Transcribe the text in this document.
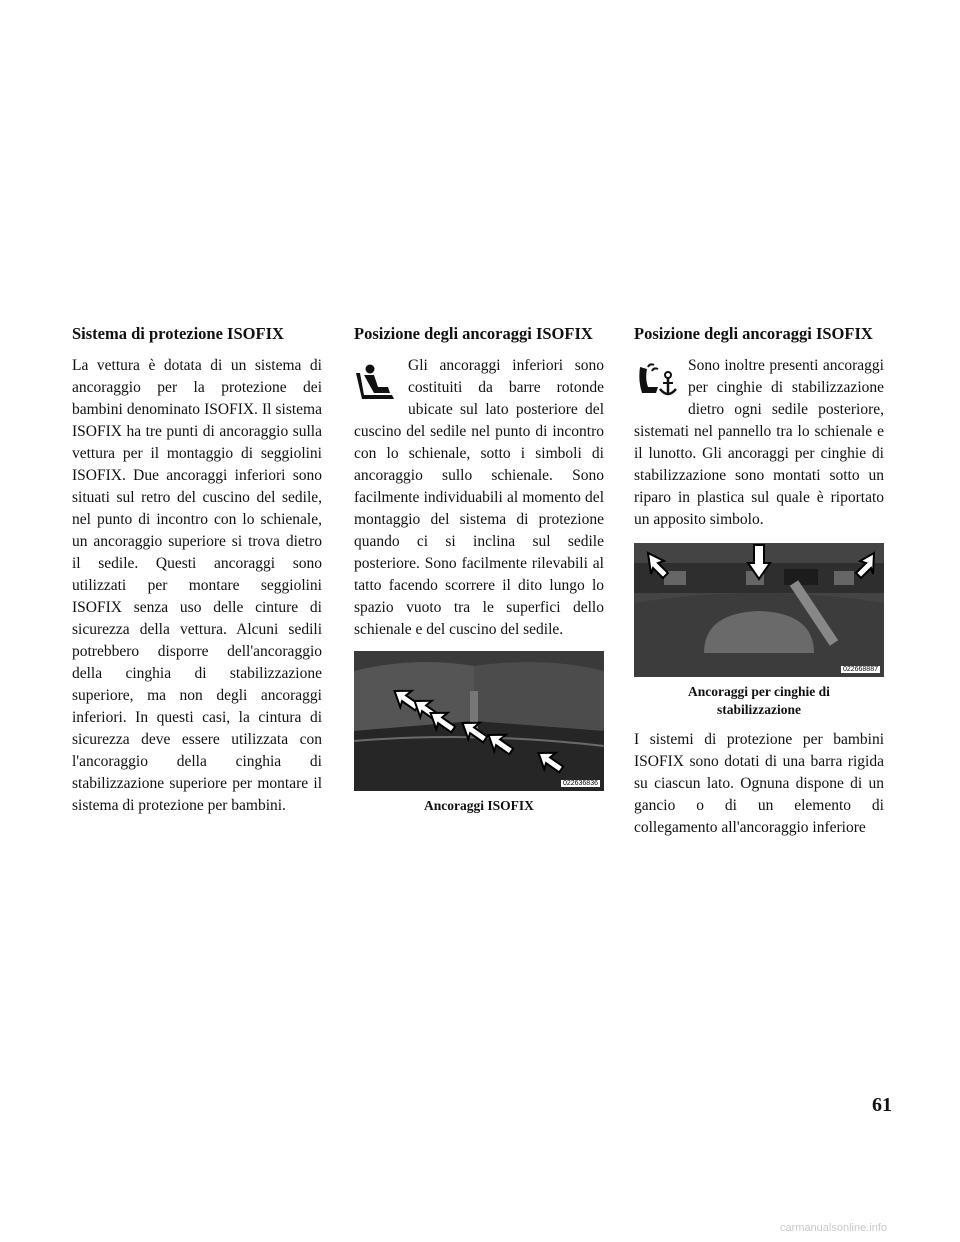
Sistema di protezione ISOFIX

La vettura è dotata di un sistema di ancoraggio per la protezione dei bambini denominato ISOFIX. Il sistema ISOFIX ha tre punti di ancoraggio sulla vettura per il montaggio di seggiolini ISOFIX. Due ancoraggi inferiori sono situati sul retro del cuscino del sedile, nel punto di incontro con lo schienale, un ancoraggio superiore si trova dietro il sedile. Questi ancoraggi sono utilizzati per montare seggiolini ISOFIX senza uso delle cinture di sicurezza della vettura. Alcuni sedili potrebbero disporre dell'ancoraggio della cinghia di stabilizzazione superiore, ma non degli ancoraggi inferiori. In questi casi, la cintura di sicurezza deve essere utilizzata con l'ancoraggio della cinghia di stabilizzazione superiore per montare il sistema di protezione per bambini.

Posizione degli ancoraggi ISOFIX

Gli ancoraggi inferiori sono costituiti da barre rotonde ubicate sul lato posteriore del cuscino del sedile nel punto di incontro con lo schienale, sotto i simboli di ancoraggio sullo schienale. Sono facilmente individuabili al momento del montaggio del sistema di protezione quando ci si inclina sul sedile posteriore. Sono facilmente rilevabili al tatto facendo scorrere il dito lungo lo spazio vuoto tra le superfici dello schienale e del cuscino del sedile.

022636836

Ancoraggi ISOFIX

Posizione degli ancoraggi ISOFIX

Sono inoltre presenti ancoraggi per cinghie di stabilizzazione dietro ogni sedile posteriore, sistemati nel pannello tra lo schienale e il lunotto. Gli ancoraggi per cinghie di stabilizzazione sono montati sotto un riparo in plastica sul quale è riportato un apposito simbolo.

022668887

Ancoraggi per cinghie di stabilizzazione

I sistemi di protezione per bambini ISOFIX sono dotati di una barra rigida su ciascun lato. Ognuna dispone di un gancio o di un elemento di collegamento all'ancoraggio inferiore

61
carmanualsonline.info
